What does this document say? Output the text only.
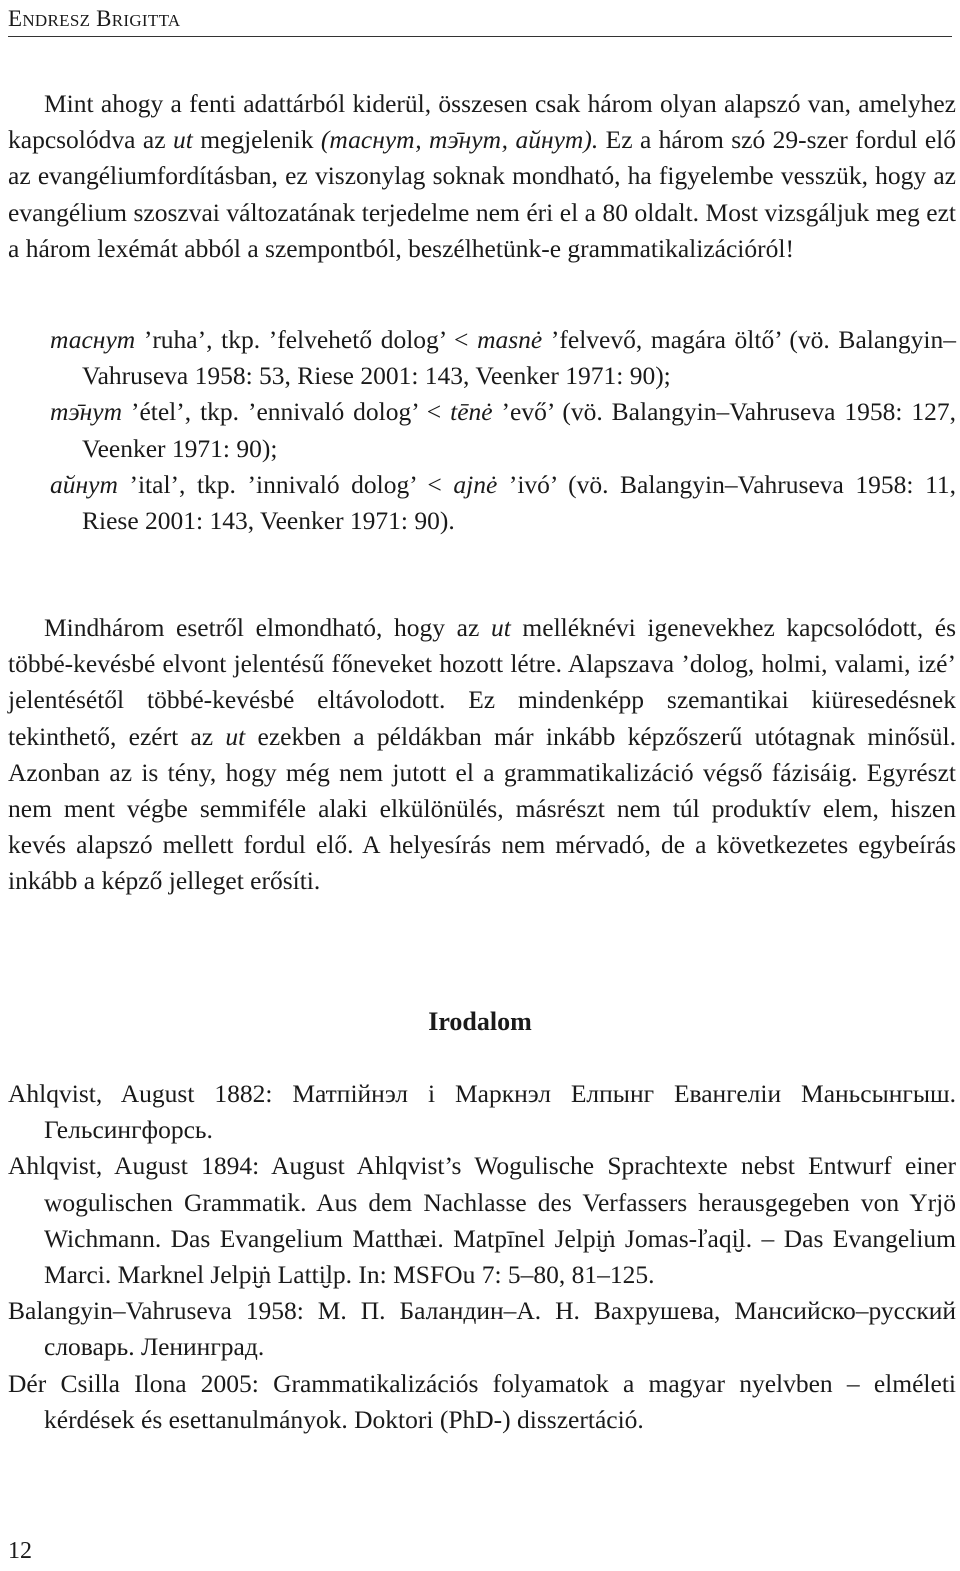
ENDRESZ BRIGITTA

Mint ahogy a fenti adattárból kiderül, összesen csak három olyan alapszó van, amelyhez kapcsolódva az ut megjelenik (таснут, тэ̄нут, айнут). Ez a három szó 29-szer fordul elő az evangéliumfordításban, ez viszonylag soknak mondható, ha figyelembe vesszük, hogy az evangélium szoszvai változatának terjedelme nem éri el a 80 oldalt. Most vizsgáljuk meg ezt a három lexémát abból a szempontból, beszélhetünk-e grammatikalizációról!

таснут ’ruha’, tkp. ’felvehető dolog’ < masnė ’felvevő, magára öltő’ (vö. Balangyin–Vahruseva 1958: 53, Riese 2001: 143, Veenker 1971: 90);

тэ̄нут ’étel’, tkp. ’ennivaló dolog’ < tēnė ’evő’ (vö. Balangyin–Vahruseva 1958: 127, Veenker 1971: 90);

айнут ’ital’, tkp. ’innivaló dolog’ < ajnė ’ivó’ (vö. Balangyin–Vahruseva 1958: 11, Riese 2001: 143, Veenker 1971: 90).

Mindhárom esetről elmondható, hogy az ut melléknévi igenevekhez kapcsolódott, és többé-kevésbé elvont jelentésű főneveket hozott létre. Alapszava ’dolog, holmi, valami, izé’ jelentésétől többé-kevésbé eltávolodott. Ez mindenképp szemantikai kiüresedésnek tekinthető, ezért az ut ezekben a példákban már inkább képzőszerű utótagnak minősül. Azonban az is tény, hogy még nem jutott el a grammatikalizáció végső fázisáig. Egyrészt nem ment végbe semmiféle alaki elkülönülés, másrészt nem túl produktív elem, hiszen kevés alapszó mellett fordul elő. A helyesírás nem mérvadó, de a következetes egybeírás inkább a képző jelleget erősíti.

Irodalom

Ahlqvist, August 1882: Матпійнэл і Маркнэл Елпынг Евангеліи Маньсынгыш. Гельсингфорсь.

Ahlqvist, August 1894: August Ahlqvist’s Wogulische Sprachtexte nebst Entwurf einer wogulischen Grammatik. Aus dem Nachlasse des Verfassers herausgegeben von Yrjö Wichmann. Das Evangelium Matthæi. Matpīnel Jelpi̮ṅ Jomas-ľaqi̮l. – Das Evangelium Marci. Marknel Jelpi̮ṅ Latti̮lp. In: MSFOu 7: 5–80, 81–125.

Balangyin–Vahruseva 1958: М. П. Баландин–А. Н. Вахрушева, Мансийско–русский словарь. Ленинград.

Dér Csilla Ilona 2005: Grammatikalizációs folyamatok a magyar nyelvben – elméleti kérdések és esettanulmányok. Doktori (PhD-) disszertáció.

12
